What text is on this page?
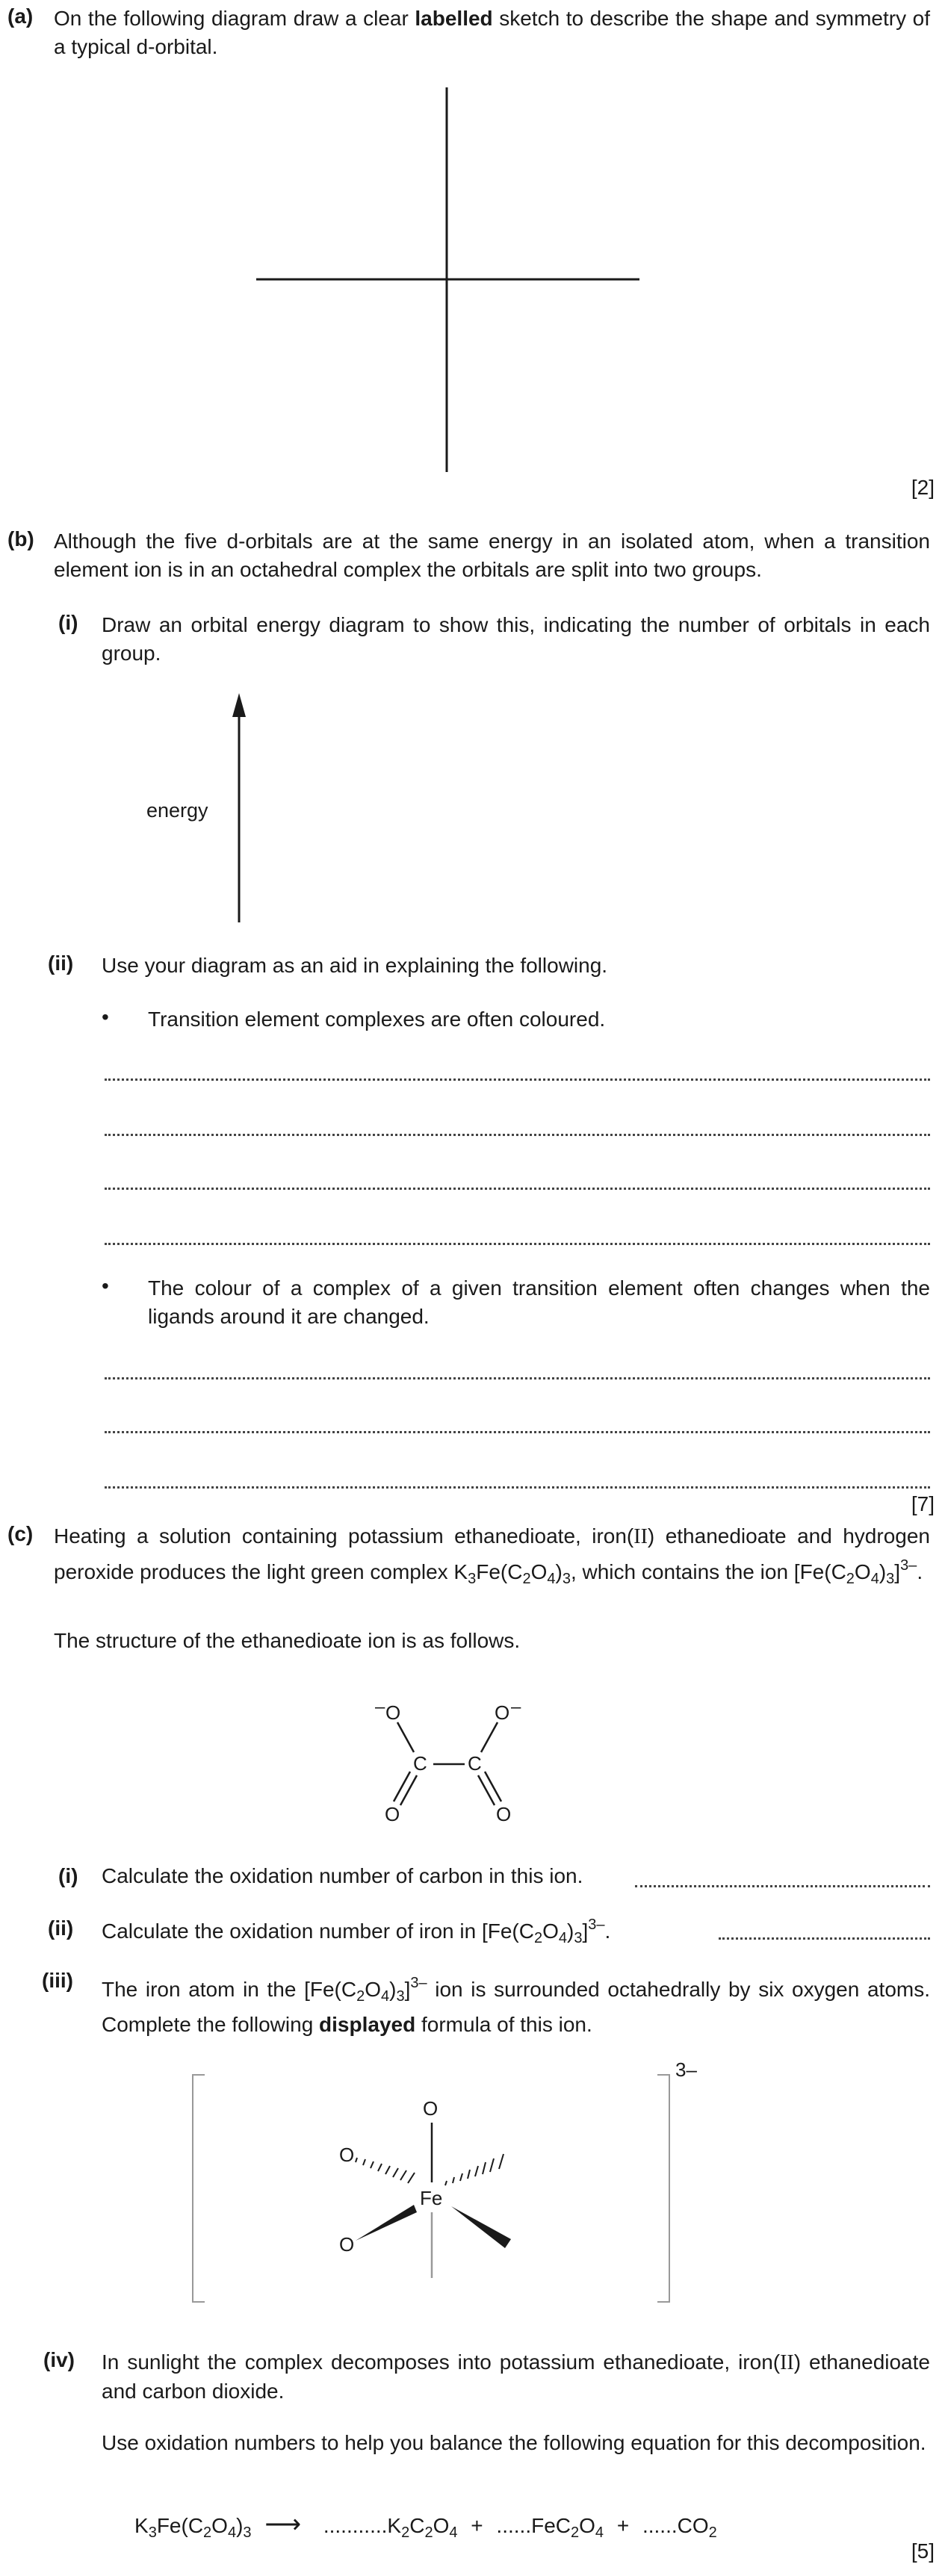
(a) On the following diagram draw a clear labelled sketch to describe the shape and symmetry of a typical d-orbital.
[2]
(b) Although the five d-orbitals are at the same energy in an isolated atom, when a transition element ion is in an octahedral complex the orbitals are split into two groups.
(i) Draw an orbital energy diagram to show this, indicating the number of orbitals in each group.
energy
(ii) Use your diagram as an aid in explaining the following.
• Transition element complexes are often coloured.
• The colour of a complex of a given transition element often changes when the ligands around it are changed.
[7]
(c) Heating a solution containing potassium ethanedioate, iron(II) ethanedioate and hydrogen peroxide produces the light green complex $K_3Fe(C_2O_4)_3$, which contains the ion $[Fe(C_2O_4)_3]^{3-}$.
The structure of the ethanedioate ion is as follows.
– O	O –
C C
O	O
(i) Calculate the oxidation number of carbon in this ion.
(ii) Calculate the oxidation number of iron in $[Fe(C_2O_4)_3]^{3-}$.
(iii) The iron atom in the $[Fe(C_2O_4)_3]^{3-}$ ion is surrounded octahedrally by six oxygen atoms. Complete the following displayed formula of this ion.
3–
O
O
Fe
O
(iv) In sunlight the complex decomposes into potassium ethanedioate, iron(II) ethanedioate and carbon dioxide.
Use oxidation numbers to help you balance the following equation for this decomposition.
$K_3Fe(C_2O_4)_3$ ⟶ $...........K_2C_2O_4 + ......FeC_2O_4 + ......CO_2$
[5]
